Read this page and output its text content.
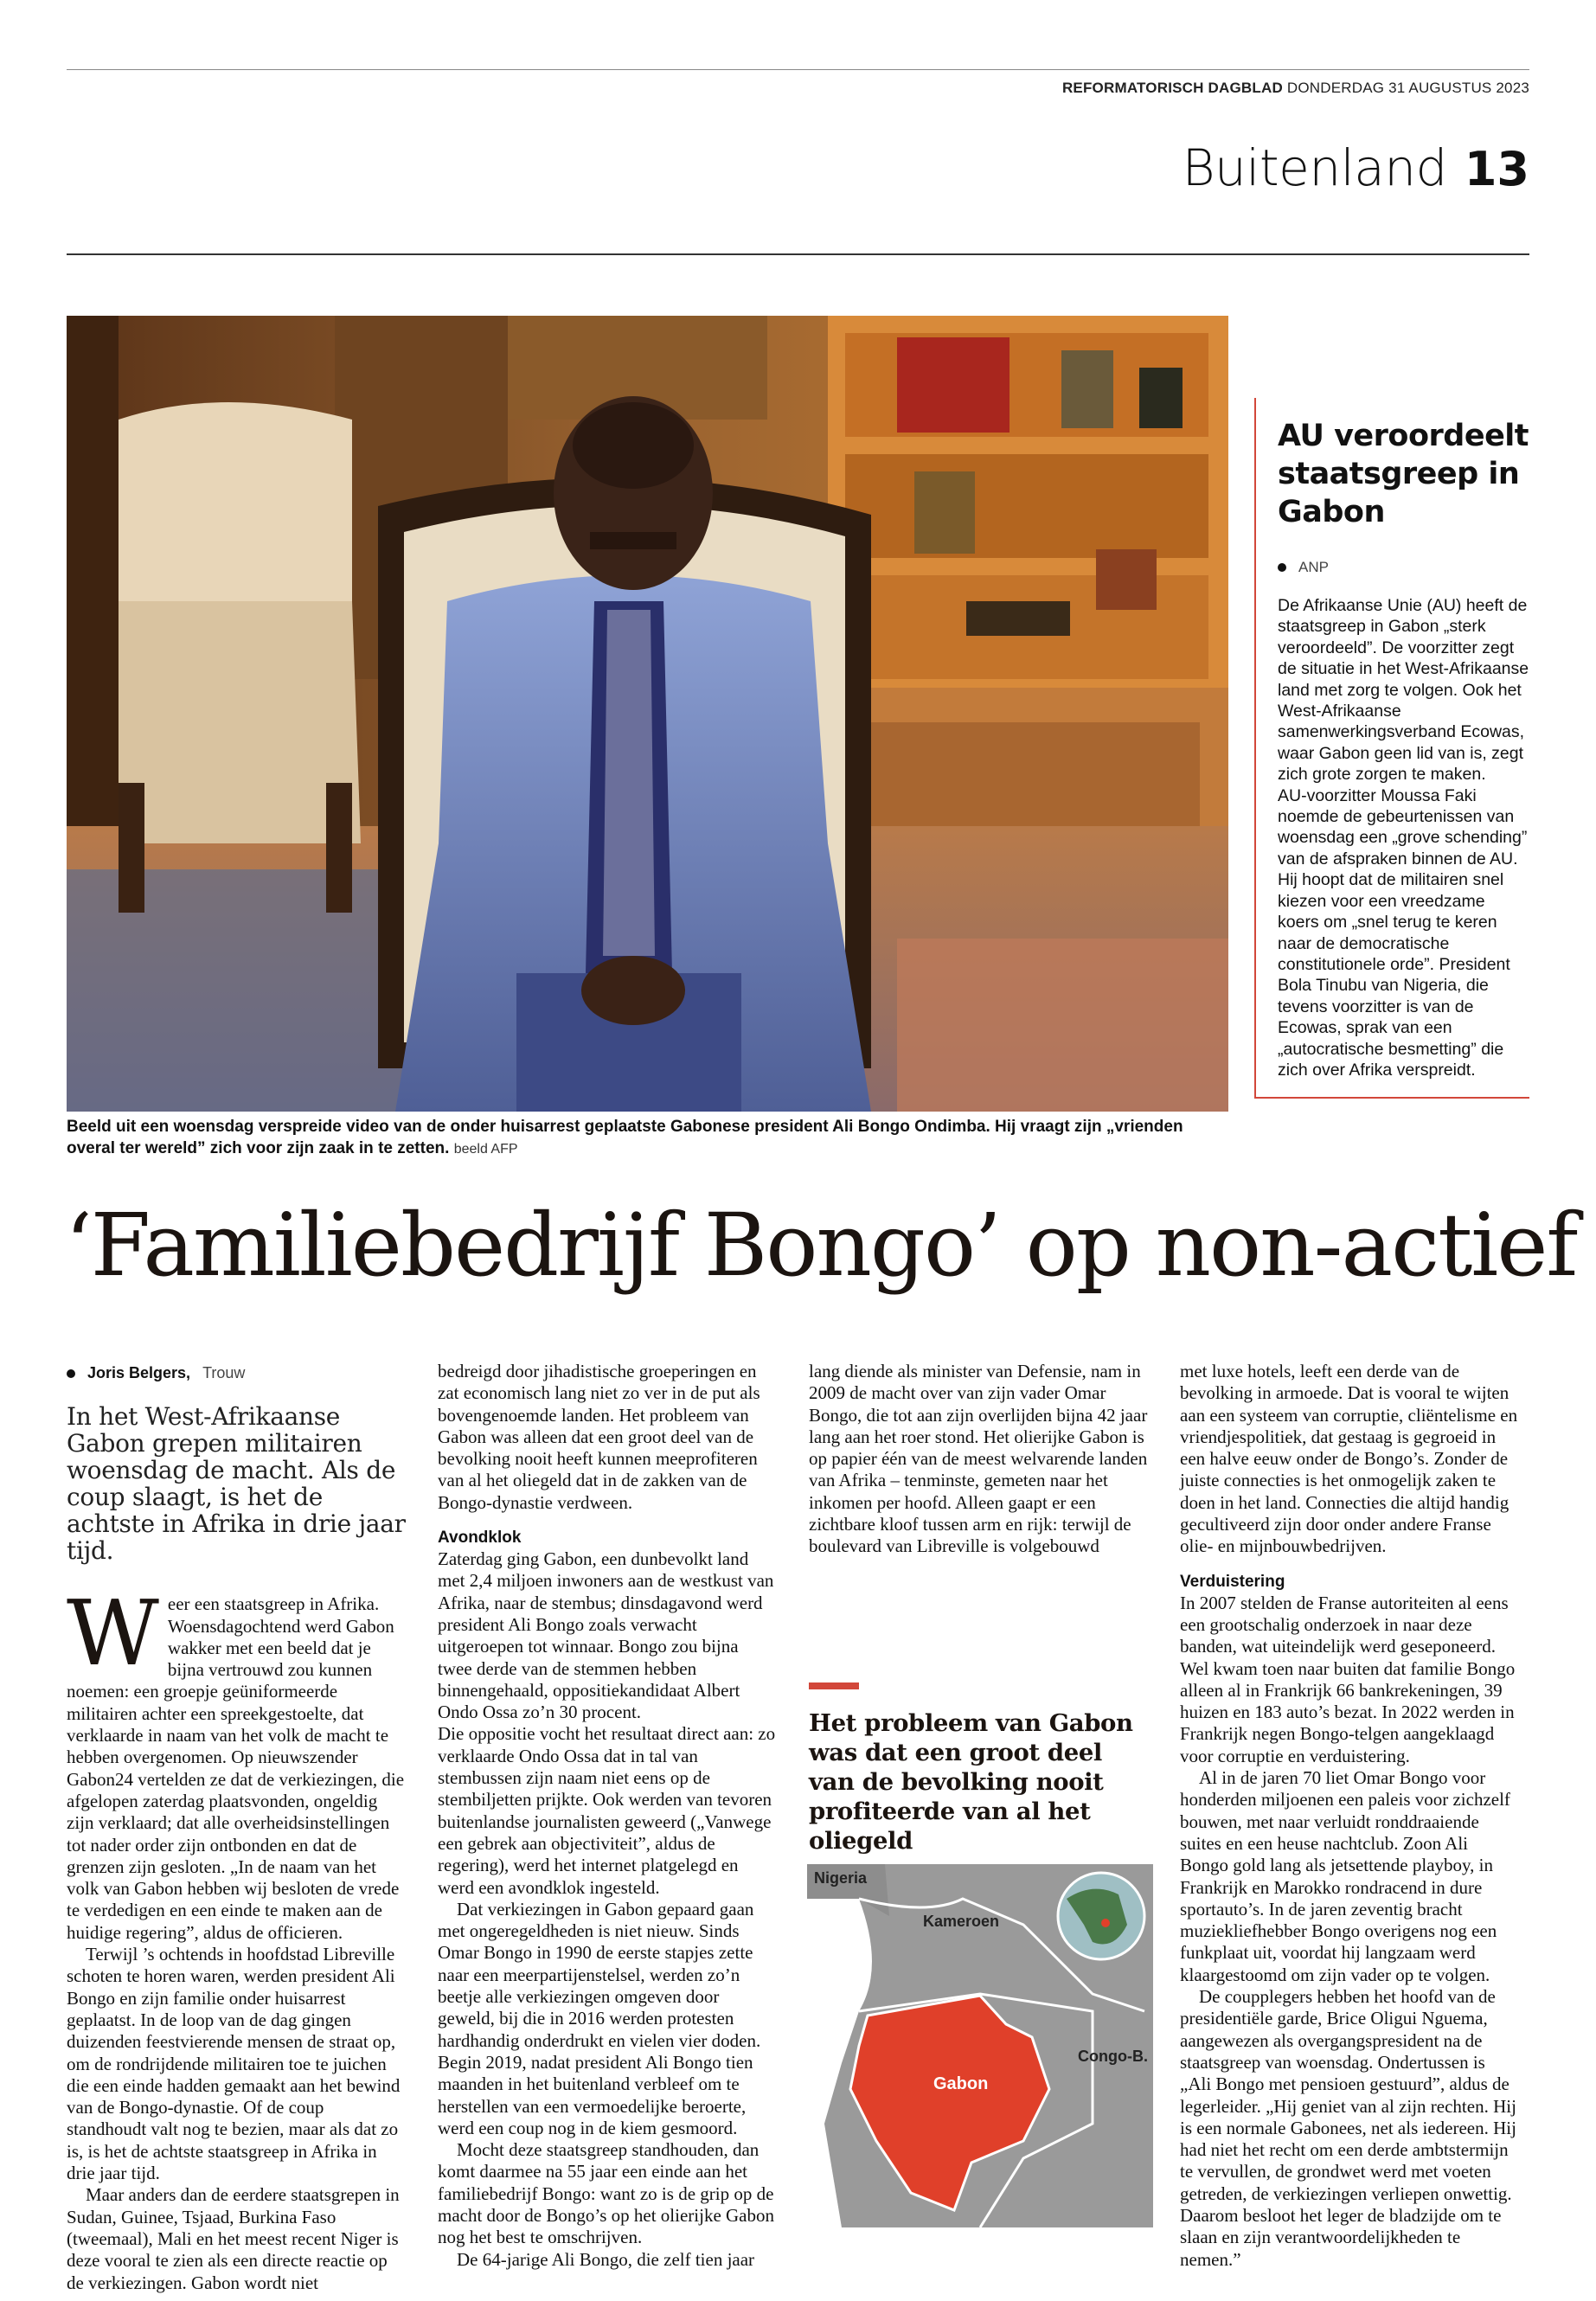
REFORMATORISCH DAGBLAD DONDERDAG 31 AUGUSTUS 2023
Buitenland 13
Beeld uit een woensdag verspreide video van de onder huisarrest geplaatste Gabonese president Ali Bongo Ondimba. Hij vraagt zijn „vrienden overal ter wereld” zich voor zijn zaak in te zetten. beeld AFP
AU veroordeelt staatsgreep in Gabon
ANP

De Afrikaanse Unie (AU) heeft de staatsgreep in Gabon „sterk veroordeeld”. De voorzitter zegt de situatie in het West-Afrikaanse land met zorg te volgen. Ook het West-Afrikaanse samenwerkingsverband Ecowas, waar Gabon geen lid van is, zegt zich grote zorgen te maken.

AU-voorzitter Moussa Faki noemde de gebeurtenissen van woensdag een „grove schending” van de afspraken binnen de AU. Hij hoopt dat de militairen snel kiezen voor een vreedzame koers om „snel terug te keren naar de democratische constitutionele orde”. President Bola Tinubu van Nigeria, die tevens voorzitter is van de Ecowas, sprak van een „autocratische besmetting” die zich over Afrika verspreidt.

‘Familiebedrijf Bongo’ op non-actief
Joris Belgers, Trouw
In het West-Afrikaanse Gabon grepen militairen woensdag de macht. Als de coup slaagt, is het de achtste in Afrika in drie jaar tijd.

Weer een staatsgreep in Afrika. Woensdagochtend werd Gabon wakker met een beeld dat je bijna vertrouwd zou kunnen noemen: een groepje geüniformeerde militairen achter een spreekgestoelte, dat verklaarde in naam van het volk de macht te hebben overgenomen. Op nieuwszender Gabon24 vertelden ze dat de verkiezingen, die afgelopen zaterdag plaatsvonden, ongeldig zijn verklaard; dat alle overheidsinstellingen tot nader order zijn ontbonden en dat de grenzen zijn gesloten. „In de naam van het volk van Gabon hebben wij besloten de vrede te verdedigen en een einde te maken aan de huidige regering”, aldus de officieren.

Terwijl ’s ochtends in hoofdstad Libreville schoten te horen waren, werden president Ali Bongo en zijn familie onder huisarrest geplaatst. In de loop van de dag gingen duizenden feestvierende mensen de straat op, om de rondrijdende militairen toe te juichen die een einde hadden gemaakt aan het bewind van de Bongo-dynastie. Of de coup standhoudt valt nog te bezien, maar als dat zo is, is het de achtste staatsgreep in Afrika in drie jaar tijd.

Maar anders dan de eerdere staatsgrepen in Sudan, Guinee, Tsjaad, Burkina Faso (tweemaal), Mali en het meest recent Niger is deze vooral te zien als een directe reactie op de verkiezingen. Gabon wordt niet

bedreigd door jihadistische groeperingen en zat economisch lang niet zo ver in de put als bovengenoemde landen. Het probleem van Gabon was alleen dat een groot deel van de bevolking nooit heeft kunnen meeprofiteren van al het oliegeld dat in de zakken van de Bongo-dynastie verdween.

Avondklok

Zaterdag ging Gabon, een dunbevolkt land met 2,4 miljoen inwoners aan de westkust van Afrika, naar de stembus; dinsdagavond werd president Ali Bongo zoals verwacht uitgeroepen tot winnaar. Bongo zou bijna twee derde van de stemmen hebben binnengehaald, oppositiekandidaat Albert Ondo Ossa zo’n 30 procent.

Die oppositie vocht het resultaat direct aan: zo verklaarde Ondo Ossa dat in tal van stembussen zijn naam niet eens op de stembiljetten prijkte. Ook werden van tevoren buitenlandse journalisten geweerd („Vanwege een gebrek aan objectiviteit”, aldus de regering), werd het internet platgelegd en werd een avondklok ingesteld.

Dat verkiezingen in Gabon gepaard gaan met ongeregeldheden is niet nieuw. Sinds Omar Bongo in 1990 de eerste stapjes zette naar een meerpartijenstelsel, werden zo’n beetje alle verkiezingen omgeven door geweld, bij die in 2016 werden protesten hardhandig onderdrukt en vielen vier doden. Begin 2019, nadat president Ali Bongo tien maanden in het buitenland verbleef om te herstellen van een vermoedelijke beroerte, werd een coup nog in de kiem gesmoord.

Mocht deze staatsgreep standhouden, dan komt daarmee na 55 jaar een einde aan het familiebedrijf Bongo: want zo is de grip op de macht door de Bongo’s op het olierijke Gabon nog het best te omschrijven.

De 64-jarige Ali Bongo, die zelf tien jaar

lang diende als minister van Defensie, nam in 2009 de macht over van zijn vader Omar Bongo, die tot aan zijn overlijden bijna 42 jaar lang aan het roer stond. Het olierijke Gabon is op papier één van de meest welvarende landen van Afrika – tenminste, gemeten naar het inkomen per hoofd. Alleen gaapt er een zichtbare kloof tussen arm en rijk: terwijl de boulevard van Libreville is volgebouwd

Het probleem van Gabon was dat een groot deel van de bevolking nooit profiteerde van al het oliegeld
Nigeria
Kameroen
Congo-B.
Gabon

met luxe hotels, leeft een derde van de bevolking in armoede. Dat is vooral te wijten aan een systeem van corruptie, cliëntelisme en vriendjespolitiek, dat gestaag is gegroeid in een halve eeuw onder de Bongo’s. Zonder de juiste connecties is het onmogelijk zaken te doen in het land. Connecties die altijd handig gecultiveerd zijn door onder andere Franse olie- en mijnbouwbedrijven.

Verduistering

In 2007 stelden de Franse autoriteiten al eens een grootschalig onderzoek in naar deze banden, wat uiteindelijk werd geseponeerd. Wel kwam toen naar buiten dat familie Bongo alleen al in Frankrijk 66 bankrekeningen, 39 huizen en 183 auto’s bezat. In 2022 werden in Frankrijk negen Bongo-telgen aangeklaagd voor corruptie en verduistering.

Al in de jaren 70 liet Omar Bongo voor honderden miljoenen een paleis voor zichzelf bouwen, met naar verluidt ronddraaiende suites en een heuse nachtclub. Zoon Ali Bongo gold lang als jetsettende playboy, in Frankrijk en Marokko rondracend in dure sportauto’s. In de jaren zeventig bracht muziekliefhebber Bongo overigens nog een funkplaat uit, voordat hij langzaam werd klaargestoomd om zijn vader op te volgen.

De coupplegers hebben het hoofd van de presidentiële garde, Brice Oligui Nguema, aangewezen als overgangspresident na de staatsgreep van woensdag. Ondertussen is „Ali Bongo met pensioen gestuurd”, aldus de legerleider. „Hij geniet van al zijn rechten. Hij is een normale Gabonees, net als iedereen. Hij had niet het recht om een derde ambtstermijn te vervullen, de grondwet werd met voeten getreden, de verkiezingen verliepen onwettig. Daarom besloot het leger de bladzijde om te slaan en zijn verantwoordelijkheden te nemen.”
